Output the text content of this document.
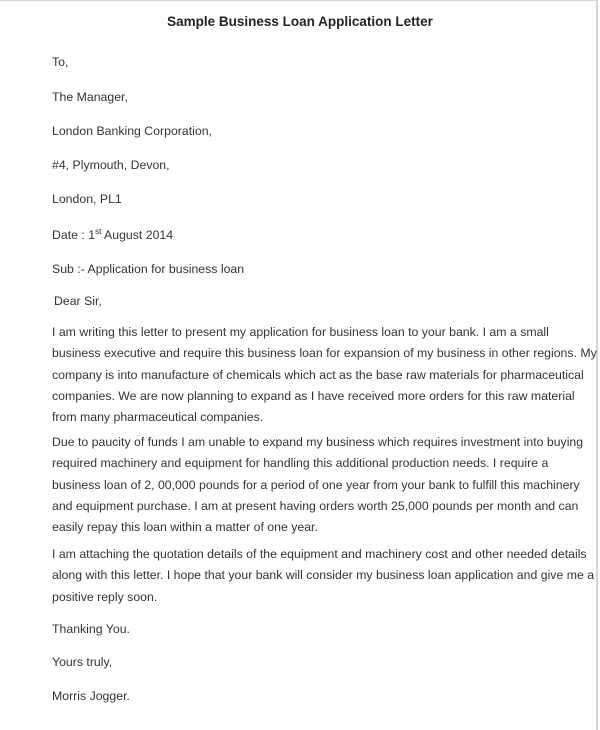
Sample Business Loan Application Letter
To,
The Manager,
London Banking Corporation,
#4, Plymouth, Devon,
London, PL1
Date : 1st August 2014
Sub :- Application for business loan
Dear Sir,
I am writing this letter to present my application for business loan to your bank. I am a small
business executive and require this business loan for expansion of my business in other regions. My
company is into manufacture of chemicals which act as the base raw materials for pharmaceutical
companies. We are now planning to expand as I have received more orders for this raw material
from many pharmaceutical companies.
Due to paucity of funds I am unable to expand my business which requires investment into buying
required machinery and equipment for handling this additional production needs. I require a
business loan of 2, 00,000 pounds for a period of one year from your bank to fulfill this machinery
and equipment purchase. I am at present having orders worth 25,000 pounds per month and can
easily repay this loan within a matter of one year.
I am attaching the quotation details of the equipment and machinery cost and other needed details
along with this letter. I hope that your bank will consider my business loan application and give me a
positive reply soon.
Thanking You.
Yours truly,
Morris Jogger.
